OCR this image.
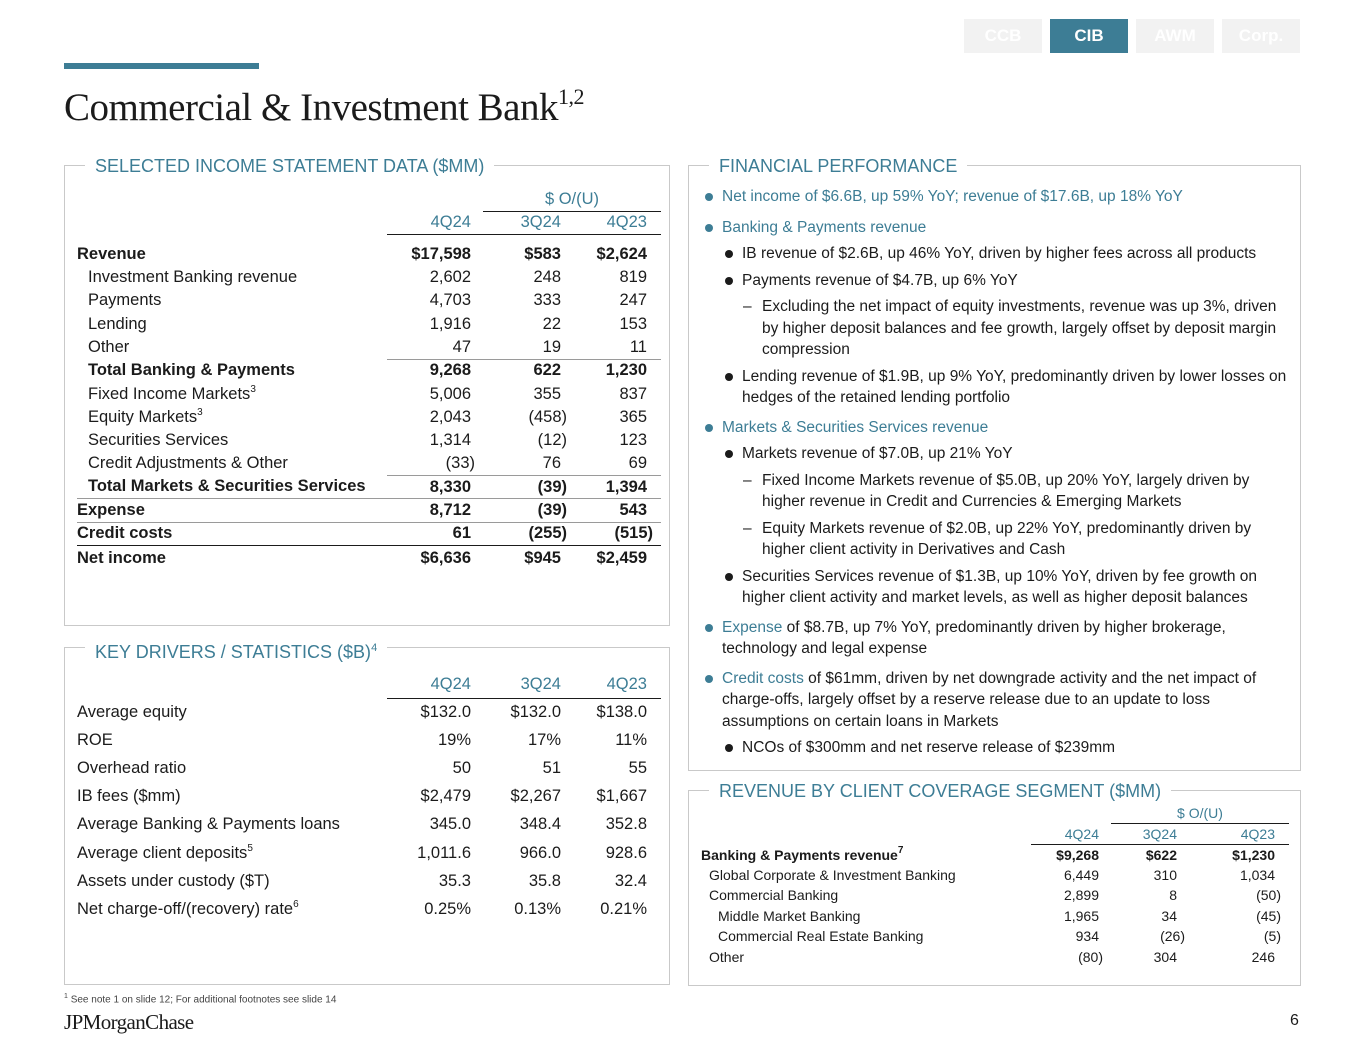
CCB	CIB	AWM	Corp.
Commercial & Investment Bank$^{1,2}$
SELECTED INCOME STATEMENT DATA ($MM)
		$ O/(U)	
	4Q24	3Q24	4Q23

Revenue	$17,598	$583	$2,624
Investment Banking revenue	2,602	248	819
Payments	4,703	333	247
Lending	1,916	22	153
Other	47	19	11
Total Banking & Payments	9,268	622	1,230
Fixed Income Markets$^3$	5,006	355	837
Equity Markets$^3$	2,043	(458)	365
Securities Services	1,314	(12)	123
Credit Adjustments & Other	(33)	76	69
Total Markets & Securities Services	8,330	(39)	1,394
Expense	8,712	(39)	543
Credit costs	61	(255)	(515)
Net income	$6,636	$945	$2,459
KEY DRIVERS / STATISTICS ($B)$^4$
	4Q24	3Q24	4Q23
Average equity	$132.0	$132.0	$138.0
ROE	19%	17%	11%
Overhead ratio	50	51	55
IB fees ($mm)	$2,479	$2,267	$1,667
Average Banking & Payments loans	345.0	348.4	352.8
Average client deposits$^5$	1,011.6	966.0	928.6
Assets under custody ($T)	35.3	35.8	32.4
Net charge-off/(recovery) rate$^6$	0.25%	0.13%	0.21%
FINANCIAL PERFORMANCE
Net income of $6.6B, up 59% YoY; revenue of $17.6B, up 18% YoY
Banking & Payments revenue
IB revenue of $2.6B, up 46% YoY, driven by higher fees across all products
Payments revenue of $4.7B, up 6% YoY
– Excluding the net impact of equity investments, revenue was up 3%, driven by higher deposit balances and fee growth, largely offset by deposit margin compression
Lending revenue of $1.9B, up 9% YoY, predominantly driven by lower losses on hedges of the retained lending portfolio
Markets & Securities Services revenue
Markets revenue of $7.0B, up 21% YoY
– Fixed Income Markets revenue of $5.0B, up 20% YoY, largely driven by higher revenue in Credit and Currencies & Emerging Markets
– Equity Markets revenue of $2.0B, up 22% YoY, predominantly driven by higher client activity in Derivatives and Cash
Securities Services revenue of $1.3B, up 10% YoY, driven by fee growth on higher client activity and market levels, as well as higher deposit balances
Expense of $8.7B, up 7% YoY, predominantly driven by higher brokerage, technology and legal expense
Credit costs of $61mm, driven by net downgrade activity and the net impact of charge-offs, largely offset by a reserve release due to an update to loss assumptions on certain loans in Markets
NCOs of $300mm and net reserve release of $239mm
REVENUE BY CLIENT COVERAGE SEGMENT ($MM)
		$ O/(U)	
	4Q24	3Q24	4Q23
Banking & Payments revenue$^7$	$9,268	$622	$1,230
Global Corporate & Investment Banking	6,449	310	1,034
Commercial Banking	2,899	8	(50)
Middle Market Banking	1,965	34	(45)
Commercial Real Estate Banking	934	(26)	(5)
Other	(80)	304	246
$^1$ See note 1 on slide 12; For additional footnotes see slide 14
JPMorganChase	6
